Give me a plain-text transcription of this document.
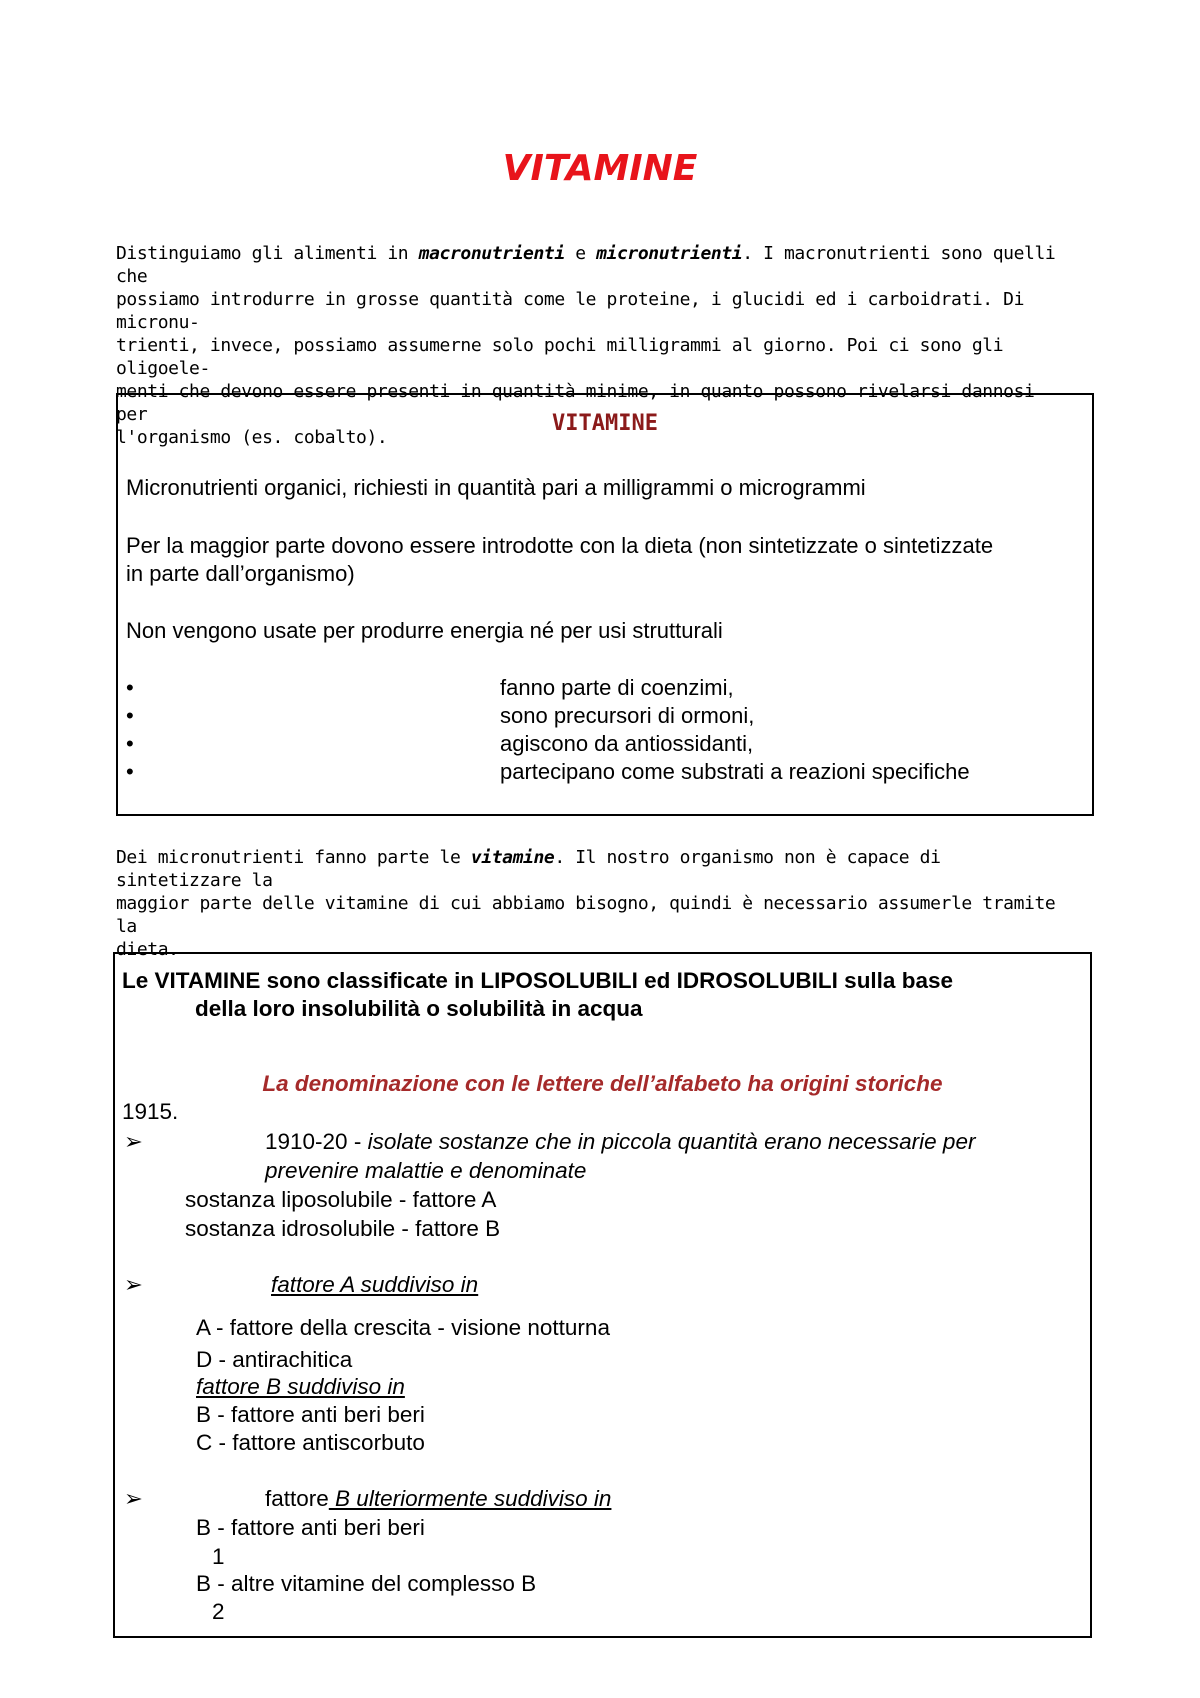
VITAMINE
Distinguiamo gli alimenti in macronutrienti e micronutrienti. I macronutrienti sono quelli che
possiamo introdurre in grosse quantità come le proteine, i glucidi ed i carboidrati. Di micronu-
trienti, invece, possiamo assumerne solo pochi milligrammi al giorno. Poi ci sono gli oligoele-
menti che devono essere presenti in quantità minime, in quanto possono rivelarsi dannosi per
l'organismo (es. cobalto).
VITAMINE
Micronutrienti organici, richiesti in quantità pari a milligrammi o microgrammi
Per la maggior parte dovono essere introdotte con la dieta (non sintetizzate o sintetizzate
in parte dall’organismo)
Non vengono usate per produrre energia né per usi strutturali
•	fanno parte di coenzimi,
•	sono precursori di ormoni,
•	agiscono da antiossidanti,
•	partecipano come substrati a reazioni specifiche
Dei micronutrienti fanno parte le vitamine. Il nostro organismo non è capace di sintetizzare la
maggior parte delle vitamine di cui abbiamo bisogno, quindi è necessario assumerle tramite la
dieta.
Le VITAMINE sono classificate in LIPOSOLUBILI ed IDROSOLUBILI sulla base
della loro insolubilità o solubilità in acqua
La denominazione con le lettere dell’alfabeto ha origini storiche
1915.
➢	1910-20 - isolate sostanze che in piccola quantità erano necessarie per
prevenire malattie e denominate
sostanza liposolubile - fattore A
sostanza idrosolubile - fattore B
➢	fattore A suddiviso in
A - fattore della crescita - visione notturna
D - antirachitica
fattore B suddiviso in
B - fattore anti beri beri
C - fattore antiscorbuto
➢	fattore B ulteriormente suddiviso in
B - fattore anti beri beri
1
B - altre vitamine del complesso B
2
